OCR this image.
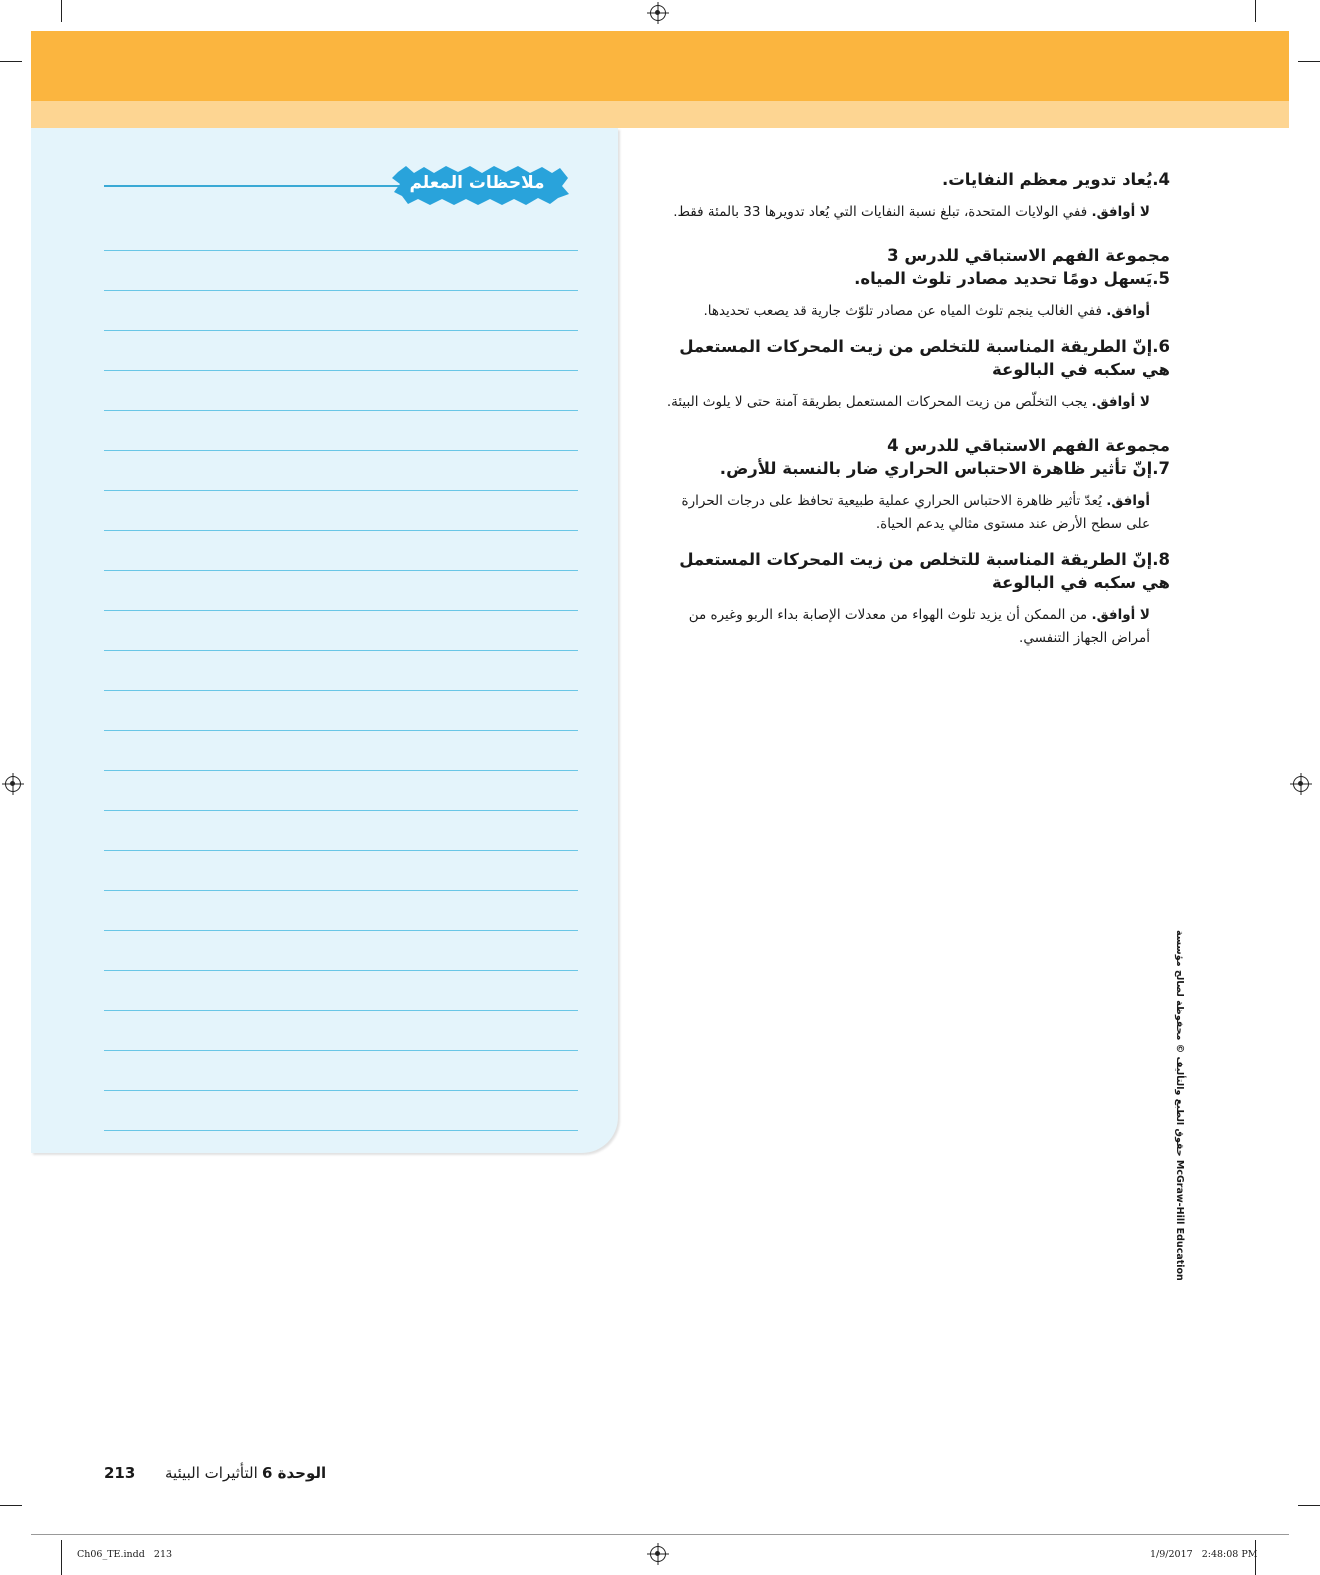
ملاحظات المعلم	4.يُعاد تدوير معظم النفايات.
لا أوافق. ففي الولايات المتحدة، تبلغ نسبة النفايات التي يُعاد تدويرها 33 بالمئة فقط.
مجموعة الفهم الاستباقي للدرس 3
5.يَسهل دومًا تحديد مصادر تلوث المياه.
أوافق. ففي الغالب ينجم تلوث المياه عن مصادر تلوّث جارية قد يصعب تحديدها.
6.إنّ الطريقة المناسبة للتخلص من زيت المحركات المستعمل هي سكبه في البالوعة
لا أوافق. يجب التخلّص من زيت المحركات المستعمل بطريقة آمنة حتى لا يلوث البيئة.
مجموعة الفهم الاستباقي للدرس 4
7.إنّ تأثير ظاهرة الاحتباس الحراري ضار بالنسبة للأرض.
أوافق. يُعدّ تأثير ظاهرة الاحتباس الحراري عملية طبيعية تحافظ على درجات الحرارة على سطح الأرض عند مستوى مثالي يدعم الحياة.
8.إنّ الطريقة المناسبة للتخلص من زيت المحركات المستعمل هي سكبه في البالوعة
لا أوافق. من الممكن أن يزيد تلوث الهواء من معدلات الإصابة بداء الربو وغيره من أمراض الجهاز التنفسي.
حقوق الطبع والتأليف © محفوظة لصالح مؤسسة McGraw-Hill Education
213 التأثيرات البيئية الوحدة 6
Ch06_TE.indd   213	1/9/2017   2:48:08 PM
